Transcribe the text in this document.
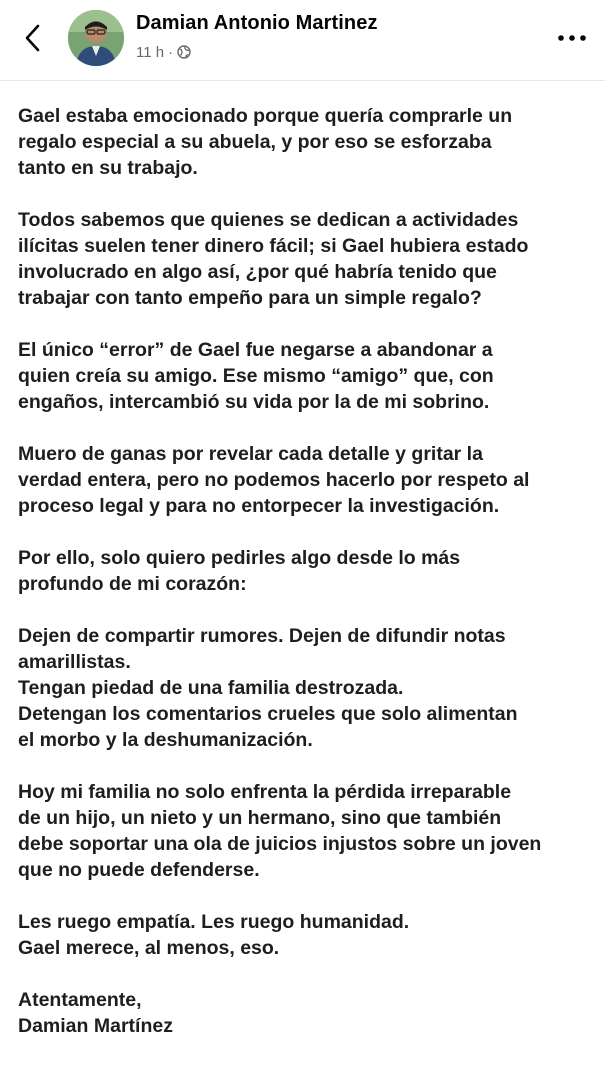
Damian Antonio Martinez
11 h ·

Gael estaba emocionado porque quería comprarle un
regalo especial a su abuela, y por eso se esforzaba
tanto en su trabajo.

Todos sabemos que quienes se dedican a actividades
ilícitas suelen tener dinero fácil; si Gael hubiera estado
involucrado en algo así, ¿por qué habría tenido que
trabajar con tanto empeño para un simple regalo?

El único “error” de Gael fue negarse a abandonar a
quien creía su amigo. Ese mismo “amigo” que, con
engaños, intercambió su vida por la de mi sobrino.

Muero de ganas por revelar cada detalle y gritar la
verdad entera, pero no podemos hacerlo por respeto al
proceso legal y para no entorpecer la investigación.

Por ello, solo quiero pedirles algo desde lo más
profundo de mi corazón:

Dejen de compartir rumores. Dejen de difundir notas
amarillistas.
Tengan piedad de una familia destrozada.
Detengan los comentarios crueles que solo alimentan
el morbo y la deshumanización.

Hoy mi familia no solo enfrenta la pérdida irreparable
de un hijo, un nieto y un hermano, sino que también
debe soportar una ola de juicios injustos sobre un joven
que no puede defenderse.

Les ruego empatía. Les ruego humanidad.
Gael merece, al menos, eso.

Atentamente,
Damian Martínez
